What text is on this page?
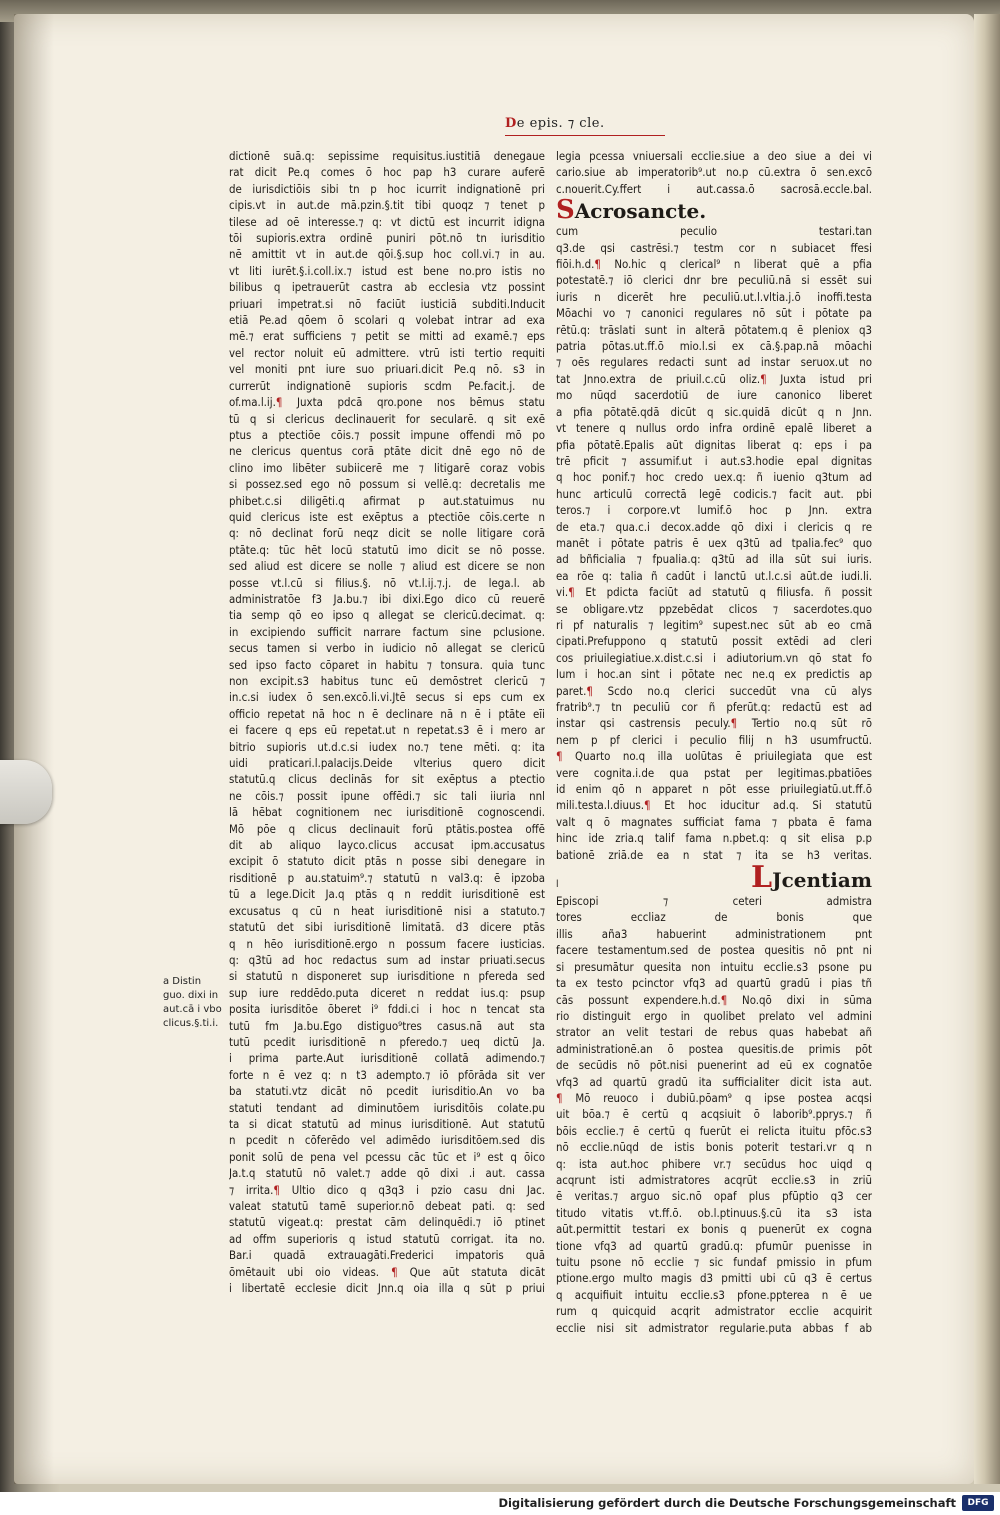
De epis. ⁊ cle.
dictionē suā.q: sepissime requisitus.iustitiā denegaue
rat dicit Pe.q comes ō hoc pap h3 curare auferē
de iurisdictiōis sibi tn p hoc icurrit indignationē pri
cipis.vt in aut.de mā.pzin.§.tit tibi quoqz ⁊ tenet p
tilese ad oē interesse.⁊ q: vt dictū est incurrit idigna
tōi supioris.extra ordinē puniri pōt.nō tn iurisditio
nē amittit vt in aut.de qōi.§.sup hoc coll.vi.⁊ in au.
vt liti iurēt.§.i.coll.ix.⁊ istud est bene no.pro istis no
bilibus q ipetrauerūt castra ab ecclesia vtz possint
priuari impetrat.si nō faciūt iusticiā subditi.Inducit
etiā Pe.ad qōem ō scolari q volebat intrar ad exa
mē.⁊ erat sufficiens ⁊ petit se mitti ad examē.⁊ eps
vel rector noluit eū admittere. vtrū isti tertio requiti
vel moniti pnt iure suo priuari.dicit Pe.q nō. s3 in
currerūt indignationē supioris scdm Pe.facit.j. de
of.ma.l.ij.¶ Juxta pdcā qro.pone nos bēmus statu
tū q si clericus declinauerit for secularē. q sit exē
ptus a ptectiōe cōis.⁊ possit impune offendi mō po
ne clericus quentus corā ptāte dicit dnē ego nō de
clino imo libēter subiicerē me ⁊ litigarē coraz vobis
si possez.sed ego nō possum si vellē.q: decretalis me
phibet.c.si diligēti.q afirmat p aut.statuimus nu
quid clericus iste est exēptus a ptectiōe cōis.certe n
q: nō declinat forū neqz dicit se nolle litigare corā
ptāte.q: tūc hēt locū statutū imo dicit se nō posse.
sed aliud est dicere se nolle ⁊ aliud est dicere se non
posse vt.l.cū si filius.§. nō vt.l.ij.⁊.j. de lega.l. ab
administratōe f3 Ja.bu.⁊ ibi dixi.Ego dico cū reuerē
tia semp qō eo ipso q allegat se clericū.decimat. q:
in excipiendo sufficit narrare factum sine pclusione.
secus tamen si verbo in iudicio nō allegat se clericū
sed ipso facto cōparet in habitu ⁊ tonsura. quia tunc
non excipit.s3 habitus tunc eū demōstret clericū ⁊
in.c.si iudex ō sen.excō.li.vi.Jtē secus si eps cum ex
officio repetat nā hoc n ē declinare nā n ē i ptāte eīi
ei facere q eps eū repetat.ut n repetat.s3 ē i mero ar
bitrio supioris ut.d.c.si iudex no.⁊ tene mēti. q: ita
uidi praticari.l.palacijs.Deide vlterius quero dicit
statutū.q clicus declinās for sit exēptus a ptectio
ne cōis.⁊ possit ipune offēdi.⁊ sic tali iiuria nnl
lā hēbat cognitionem nec iurisditionē cognoscendi.
Mō pōe q clicus declinauit forū ptātis.postea offē
dit ab aliquo layco.clicus accusat ipm.accusatus
excipit ō statuto dicit ptās n posse sibi denegare in
risditionē p au.statuim⁹.⁊ statutū n val3.q: ē ipzoba
tū a lege.Dicit Ja.q ptās q n reddit iurisditionē est
excusatus q cū n heat iurisditionē nisi a statuto.⁊
statutū det sibi iurisditionē limitatā. d3 dicere ptās
q n hēo iurisditionē.ergo n possum facere iusticias.
q: q3tū ad hoc redactus sum ad instar priuati.secus
si statutū n disponeret sup iurisditione n pfereda sed
sup iure reddēdo.puta diceret n reddat ius.q: psup
posita iurisditōe ōberet i⁹ fddi.ci i hoc n tencat sta
tutū fm Ja.bu.Ego distiguo⁹tres casus.nā aut sta
tutū pcedit iurisditionē n pferedo.⁊ ueq dictū Ja.
i prima parte.Aut iurisditionē collatā adimendo.⁊
forte n ē vez q: n t3 adempto.⁊ iō pfōrāda sit ver
ba statuti.vtz dicāt nō pcedit iurisditio.An vo ba
statuti tendant ad diminutōem iurisditōis colate.pu
ta si dicat statutū ad minus iurisditionē. Aut statutū
n pcedit n cōferēdo vel adimēdo iurisditōem.sed dis
ponit solū de pena vel pcessu cāc tūc et i⁹ est q ōico
Ja.t.q statutū nō valet.⁊ adde qō dixi .i aut. cassa
⁊ irrita.¶ Ultio dico q q3q3 i pzio casu dni Jac.
valeat statutū tamē superior.nō debeat pati. q: sed
statutū vigeat.q: prestat cām delinquēdi.⁊ iō ptinet
ad offm superioris q istud statutū corrigat. ita no.
Bar.i quadā extrauagāti.Frederici impatoris quā
ōmētauit ubi oio videas. ¶ Que aūt statuta dicāt
i libertatē ecclesie dicit Jnn.q oia illa q sūt p priui
legia pcessa vniuersali ecclie.siue a deo siue a dei vi
cario.siue ab imperatorib⁹.ut no.p cū.extra ō sen.excō
c.nouerit.Cy.ffert i aut.cassa.ō sacrosā.eccle.bal.
SAcrosancte.
cum peculio testari.tan
q3.de qsi castrēsi.⁊ testm cor n subiacet ffesi
fiōi.h.d.¶ No.hic q clerical⁹ n liberat quē a pfia
potestatē.⁊ iō clerici dnr bre peculiū.nā si essēt sui
iuris n dicerēt hre peculiū.ut.l.vltia.j.ō inoffi.testa
Mōachi vo ⁊ canonici regulares nō sūt i pōtate pa
rētū.q: trāslati sunt in alterā pōtatem.q ē pleniox q3
patria pōtas.ut.ff.ō mio.l.si ex cā.§.pap.nā mōachi
⁊ oēs regulares redacti sunt ad instar seruox.ut no
tat Jnno.extra de priuil.c.cū oliz.¶ Juxta istud pri
mo nūqd sacerdotiū de iure canonico liberet
a pfia pōtatē.qdā dicūt q sic.quidā dicūt q n Jnn.
vt tenere q nullus ordo infra ordinē epalē liberet a
pfia pōtatē.Epalis aūt dignitas liberat q: eps i pa
trē pficit ⁊ assumif.ut i aut.s3.hodie epal dignitas
q hoc ponif.⁊ hoc credo uex.q: ñ iuenio q3tum ad
hunc articulū correctā legē codicis.⁊ facit aut. pbi
teros.⁊ i corpore.vt lumif.ō hoc p Jnn. extra
de eta.⁊ qua.c.i decox.adde qō dixi i clericis q re
manēt i pōtate patris ē uex q3tū ad tpalia.fec⁹ quo
ad bñficialia ⁊ fpualia.q: q3tū ad illa sūt sui iuris.
ea rōe q: talia ñ cadūt i lanctū ut.l.c.si aūt.de iudi.li.
vi.¶ Et pdicta faciūt ad statutū q filiusfa. ñ possit
se obligare.vtz ppzebēdat clicos ⁊ sacerdotes.quo
ri pf naturalis ⁊ legitim⁹ supest.nec sūt ab eo cmā
cipati.Prefuppono q statutū possit extēdi ad cleri
cos priuilegiatiue.x.dist.c.si i adiutorium.vn qō stat fo
lum i hoc.an sint i pōtate nec ne.q ex predictis ap
paret.¶ Scdo no.q clerici succedūt vna cū alys
fratrib⁹.⁊ tn peculiū cor ñ pferūt.q: redactū est ad
instar qsi castrensis peculy.¶ Tertio no.q sūt rō
nem p pf clerici i peculio filij n h3 usumfructū.
¶ Quarto no.q illa uolūtas ē priuilegiata que est
vere cognita.i.de qua pstat per legitimas.pbatiōes
id enim qō n apparet n pōt esse priuilegiatū.ut.ff.ō
mili.testa.l.diuus.¶ Et hoc iducitur ad.q. Si statutū
valt q ō magnates sufficiat fama ⁊ pbata ē fama
hinc ide zria.q talif fama n.pbet.q: q sit elisa p.p
bationē zriā.de ea n stat ⁊ ita se h3 veritas.
l LJcentiam
Episcopi ⁊ ceteri admistra
tores eccliaz de bonis que
illis aña3 habuerint administrationem pnt
facere testamentum.sed de postea quesitis nō pnt ni
si presumātur quesita non intuitu ecclie.s3 psone pu
ta ex testo pcinctor vfq3 ad quartū gradū i pias tñ
cās possunt expendere.h.d.¶ No.qō dixi in sūma
rio distinguit ergo in quolibet prelato vel admini
strator an velit testari de rebus quas habebat añ
administrationē.an ō postea quesitis.de primis pōt
de secūdis nō pōt.nisi puenerint ad eū ex cognatōe
vfq3 ad quartū gradū ita sufficialiter dicit ista aut.
¶ Mō reuoco i dubiū.pōam⁹ q ipse postea acqsi
uit bōa.⁊ ē certū q acqsiuit ō laborib⁹.pprys.⁊ ñ
bōis ecclie.⁊ ē certū q fuerūt ei relicta ituitu pfōc.s3
nō ecclie.nūqd de istis bonis poterit testari.vr q n
q: ista aut.hoc phibere vr.⁊ secūdus hoc uiqd q
acqrunt isti admistratores acqrūt ecclie.s3 in zriū
ē veritas.⁊ arguo sic.nō opaf plus pfūptio q3 cer
titudo vitatis vt.ff.ō. ob.l.ptinuus.§.cū ita s3 ista
aūt.permittit testari ex bonis q puenerūt ex cogna
tione vfq3 ad quartū gradū.q: pfumūr puenisse in
tuitu psone nō ecclie ⁊ sic fundaf pmissio in pfum
ptione.ergo multo magis d3 pmitti ubi cū q3 ē certus
q acquifiuit intuitu ecclie.s3 pfone.ppterea n ē ue
rum q quicquid acqrit admistrator ecclie acquirit
ecclie nisi sit admistrator regularie.puta abbas f ab
a Distin
guo. dixi in
aut.cā i vbo
clicus.§.ti.i.
Digitalisierung gefördert durch die Deutsche Forschungsgemeinschaft	DFG
